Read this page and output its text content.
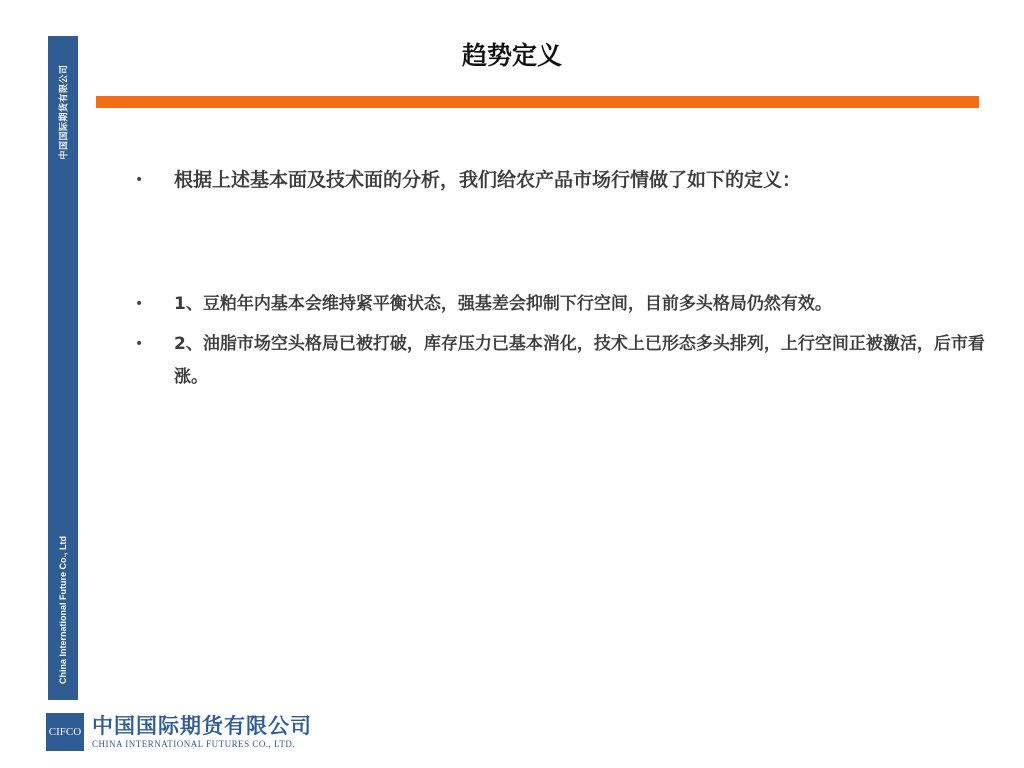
中国国际期货有限公司
China International Future Co., Ltd
趋势定义
•	根据上述基本面及技术面的分析，我们给农产品市场行情做了如下的定义：
•	1、豆粕年内基本会维持紧平衡状态，强基差会抑制下行空间，目前多头格局仍然有效。
•	2、油脂市场空头格局已被打破，库存压力已基本消化，技术上已形态多头排列，上行空间正被激活，后市看涨。
CIFCO 中国国际期货有限公司
CHINA INTERNATIONAL FUTURES CO., LTD.
